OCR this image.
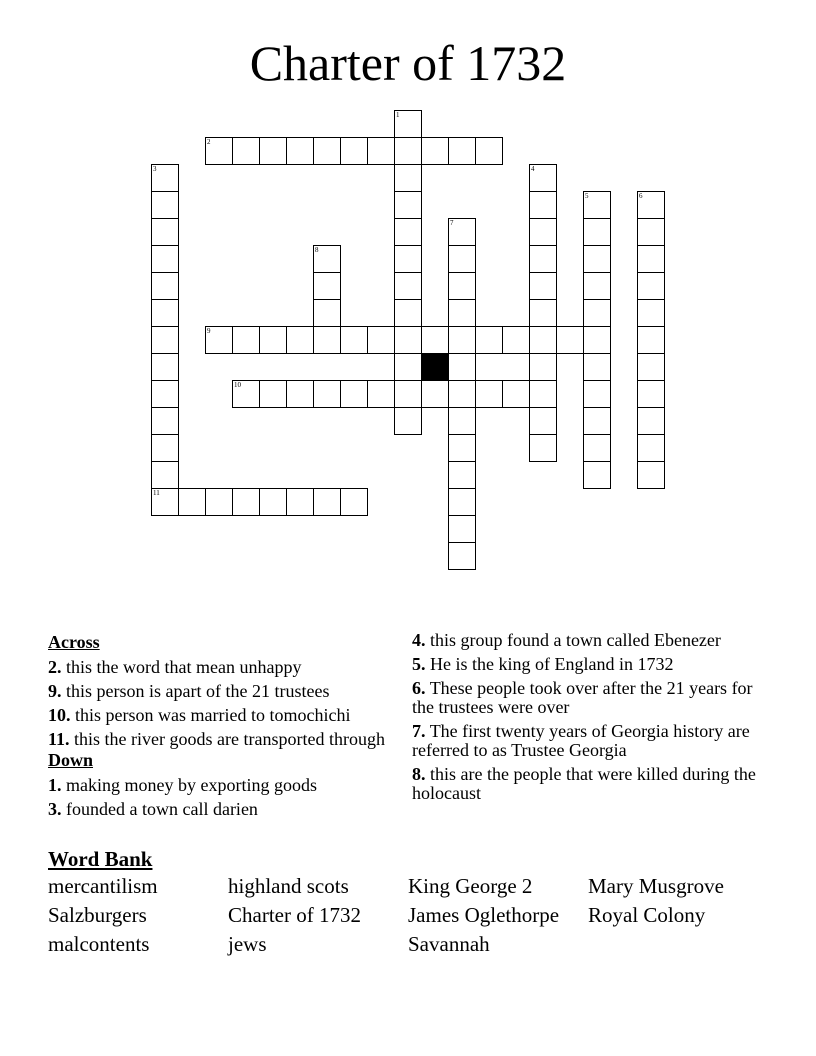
Charter of 1732
1
2
3
11
4
5	6
7
8
9
10
Across
2. this the word that mean unhappy
9. this person is apart of the 21 trustees
10. this person was married to tomochichi
11. this the river goods are transported through
Down
1. making money by exporting goods
3. founded a town call darien
4. this group found a town called Ebenezer
5. He is the king of England in 1732
6. These people took over after the 21 years for the trustees were over
7. The first twenty years of Georgia history are referred to as Trustee Georgia
8. this are the people that were killed during the holocaust
Word Bank
mercantilism	highland scots	King George 2	Mary Musgrove
Salzburgers	Charter of 1732	James Oglethorpe	Royal Colony
malcontents	jews	Savannah
